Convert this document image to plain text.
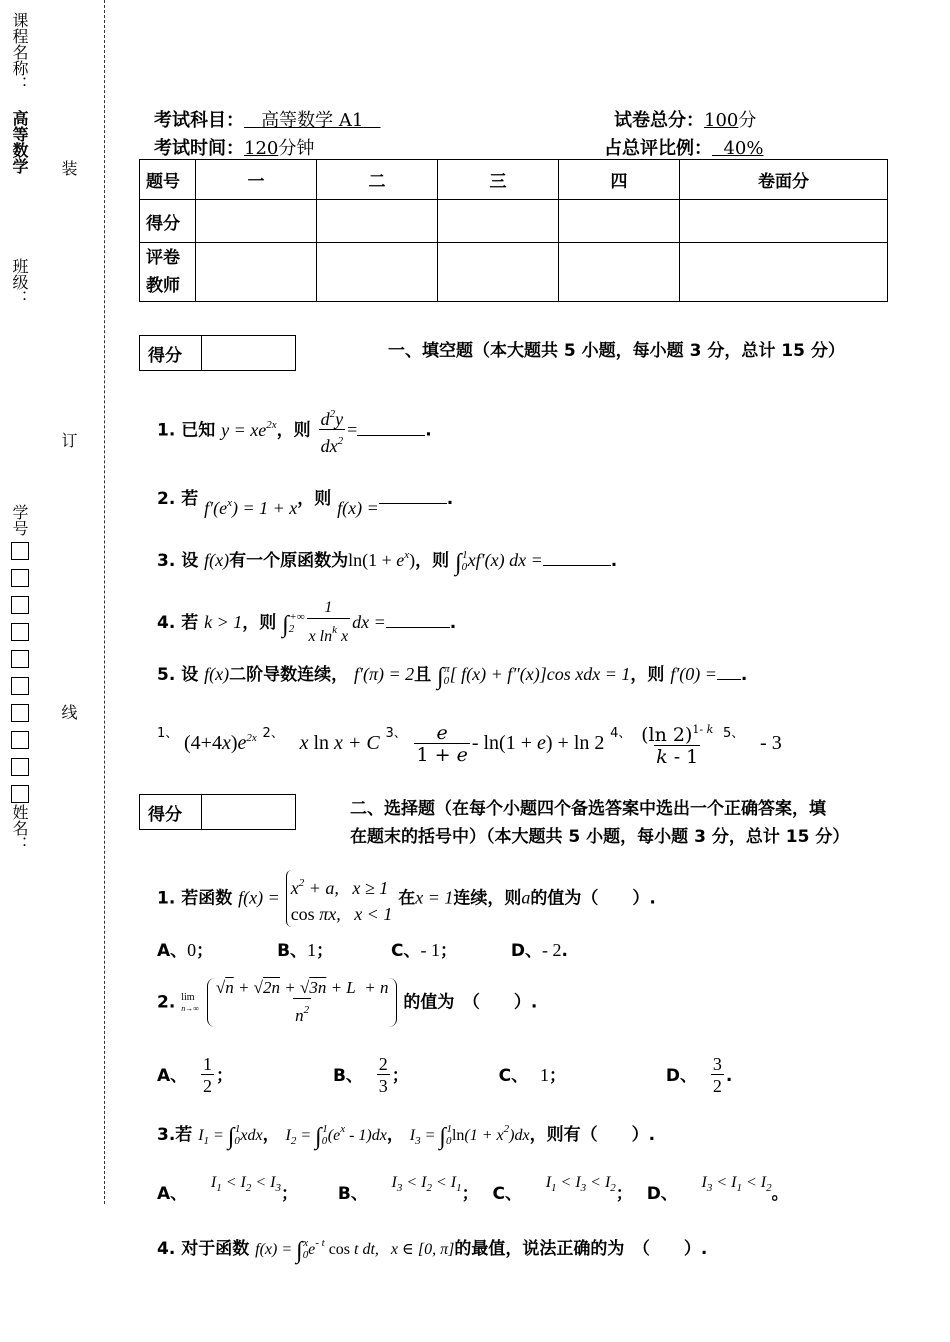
课程名称：
高等数学 装
班级：
订
学号
线
姓名：
考试科目： 高等数学 A1	试卷总分：100分
考试时间：120分钟	占总评比例： 40%
题号	一	二	三	四	卷面分
得分					
评卷教师					
得分	一、填空题（本大题共 5 小题，每小题 3 分，总计 15 分）
1. 已知 $y = xe^{2x}$，则 $\frac{d^2y}{dx^2}$ =	.
2. 若 $f'(e^x) = 1 + x$，则 f(x) =	.
3. 设 f(x)有一个原函数为$\ln(1 + e^x)$，则 $\int_0^1xf'(x)$ dx =	.
4. 若 k > 1，则 $\int_2^{+\infty} \frac{1}{x \ln^k x}$ dx =	.
5. 设 f(x)二阶导数连续， f′(π) = 2且 $\int_0^\pi$[ f(x) + f″(x)]cos xdx = 1，则 f′(0) = .
$^{1、}$ $(4+4x)e^{2x}$ $^{2、}$   x ln x + C $^{3、} \frac{e}{1 + e} - \ln(1 + e) + \ln 2$ $^{4、} \frac{(\ln 2)^{1- k}}{k - 1} ^{5、} - 3$
得分	二、选择题（在每个小题四个备选答案中选出一个正确答案，填
在题末的括号中）（本大题共 5 小题，每小题 3 分，总计 15 分）
1. 若函数 $f(x) = x^2 + a$,   x ≥ 1
cos πx,   x < 1
在x = 1连续，则a的值为（　　）.
A、0；	B、1；	C、- 1；	D、- 2.
2. lim
n→∞
$\frac{√n + √2n + √3n + L + n}{n^2}$ 的值为　（　　）.
A、 $\frac{1}{2}$ ；	B、 $\frac{2}{3}$ ；	C、 1；	D、 $\frac{3}{2}$ .
3.若 $I_1 = \int_0^1xdx$， $I_2 = \int_0^1(e^x - 1)dx$， $I_3 = \int_0^1\ln(1 + x^2)dx$，则有（　　）.
A、    $I_1 < I_2 < I_3$； B、    $I_3 < I_2 < I_1$； C、    $I_1 < I_3 < I_2$； D、    $I_3 < I_1 < I_2$。
4. 对于函数 $f(x) = \int_0^xe^{- t}$ cos t dt,   x ∈ [0, π]的最值，说法正确的为　（　　）.
